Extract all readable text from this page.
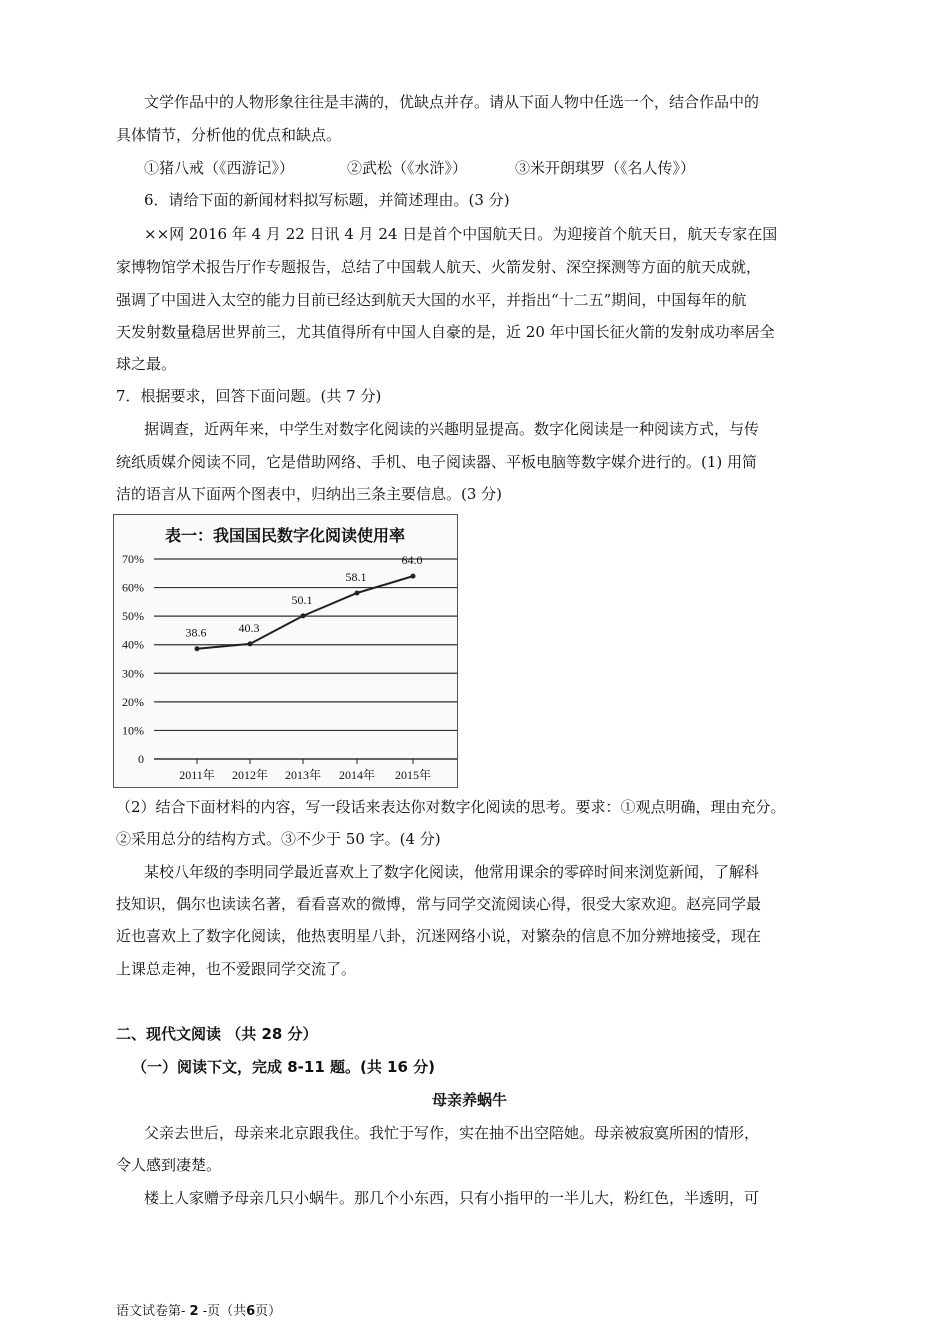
文学作品中的人物形象往往是丰满的，优缺点并存。请从下面人物中任选一个，结合作品中的
具体情节，分析他的优点和缺点。
①猪八戒（《西游记》）	②武松（《水浒》）	③米开朗琪罗（《名人传》）
6．请给下面的新闻材料拟写标题，并简述理由。(3 分)
××网 2016 年 4 月 22 日讯 4 月 24 日是首个中国航天日。为迎接首个航天日，航天专家在国
家博物馆学术报告厅作专题报告，总结了中国载人航天、火箭发射、深空探测等方面的航天成就，
强调了中国进入太空的能力目前已经达到航天大国的水平，并指出“十二五”期间，中国每年的航
天发射数量稳居世界前三，尤其值得所有中国人自豪的是，近 20 年中国长征火箭的发射成功率居全
球之最。
7．根据要求，回答下面问题。(共 7 分)
据调查，近两年来，中学生对数字化阅读的兴趣明显提高。数字化阅读是一种阅读方式，与传
统纸质媒介阅读不同，它是借助网络、手机、电子阅读器、平板电脑等数字媒介进行的。(1) 用简
洁的语言从下面两个图表中，归纳出三条主要信息。(3 分)
表一：我国国民数字化阅读使用率
0
10%
20%
30%
40%
50%
60%
70%
2011年 2012年 2013年 2014年 2015年
38.6	40.3
50.1
58.1
64.0
（2）结合下面材料的内容，写一段话来表达你对数字化阅读的思考。要求：①观点明确，理由充分。
②采用总分的结构方式。③不少于 50 字。(4 分)
某校八年级的李明同学最近喜欢上了数字化阅读，他常用课余的零碎时间来浏览新闻，了解科
技知识，偶尔也读读名著，看看喜欢的微博，常与同学交流阅读心得，很受大家欢迎。赵亮同学最
近也喜欢上了数字化阅读，他热衷明星八卦，沉迷网络小说，对繁杂的信息不加分辨地接受，现在
上课总走神，也不爱跟同学交流了。
二、现代文阅读 （共 28 分）
（一）阅读下文，完成 8-11 题。(共 16 分)
母亲养蜗牛
父亲去世后，母亲来北京跟我住。我忙于写作，实在抽不出空陪她。母亲被寂寞所困的情形，
令人感到凄楚。
楼上人家赠予母亲几只小蜗牛。那几个小东西，只有小指甲的一半儿大，粉红色，半透明，可
语文试卷第- 2 -页（共6页）
